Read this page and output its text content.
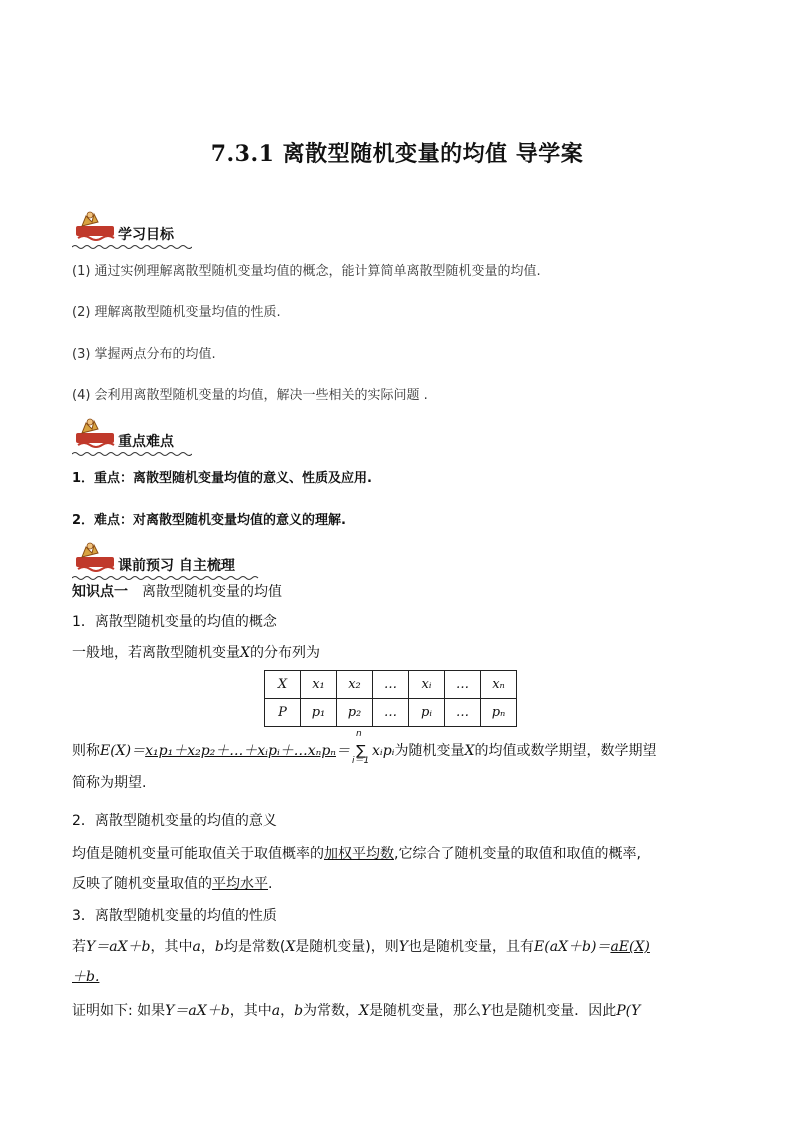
7.3.1 离散型随机变量的均值 导学案
学习目标
(1) 通过实例理解离散型随机变量均值的概念，能计算简单离散型随机变量的均值.
(2) 理解离散型随机变量均值的性质.
(3) 掌握两点分布的均值.
(4) 会利用离散型随机变量的均值，解决一些相关的实际问题 .
重点难点
1．重点：离散型随机变量均值的意义、性质及应用.
2．难点：对离散型随机变量均值的意义的理解.
课前预习 自主梳理
知识点一 离散型随机变量的均值
1．离散型随机变量的均值的概念
一般地，若离散型随机变量X的分布列为
X	x₁	x₂	…	xᵢ	…	xₙ
P	p₁	p₂	…	pᵢ	…	pₙ
则称E(X)＝x₁p₁＋x₂p₂＋…＋xᵢpᵢ＋…xₙpₙ＝
n
∑
i＝1
xᵢpᵢ为随机变量X的均值或数学期望，数学期望
简称为期望.
2．离散型随机变量的均值的意义
均值是随机变量可能取值关于取值概率的加权平均数,它综合了随机变量的取值和取值的概率,
反映了随机变量取值的平均水平.
3．离散型随机变量的均值的性质
若Y＝aX＋b，其中a，b均是常数(X是随机变量)，则Y也是随机变量，且有E(aX＋b)＝aE(X)
＋b.
证明如下: 如果Y＝aX＋b，其中a，b为常数，X是随机变量，那么Y也是随机变量．因此P(Y
